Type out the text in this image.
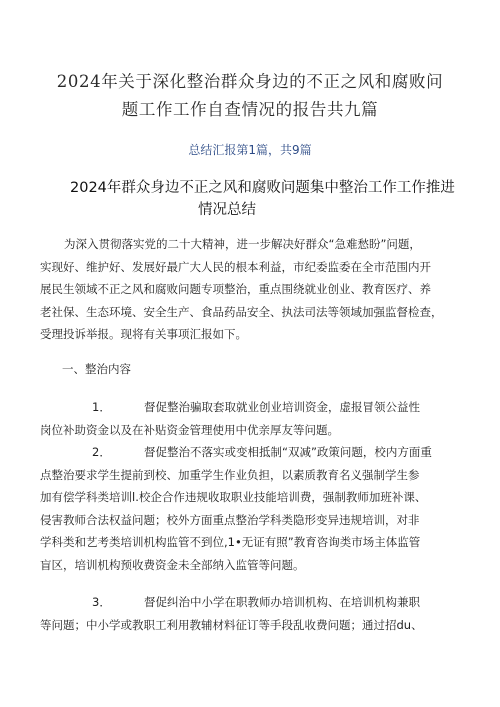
2024年关于深化整治群众身边的不正之风和腐败问
题工作工作自查情况的报告共九篇
总结汇报第1篇，共9篇
2024年群众身边不正之风和腐败问题集中整治工作工作推进
情况总结
为深入贯彻落实党的二十大精神，进一步解决好群众“急难愁盼”问题，
实现好、维护好、发展好最广大人民的根本利益，市纪委监委在全市范围内开
展民生领域不正之风和腐败问题专项整治，重点围绕就业创业、教育医疗、养
老社保、生态环境、安全生产、食品药品安全、执法司法等领域加强监督检查，
受理投诉举报。现将有关事项汇报如下。
一、整治内容
1．	督促整治骗取套取就业创业培训资金，虚报冒领公益性
岗位补助资金以及在补贴资金管理使用中优亲厚友等问题。
2．	督促整治不落实或变相抵制“双减”政策问题，校内方面重
点整治要求学生提前到校、加重学生作业负担，以素质教育名义强制学生参
加有偿学科类培训l.校企合作违规收取职业技能培训费，强制教师加班补课、
侵害教师合法权益问题；校外方面重点整治学科类隐形变异违规培训，对非
学科类和艺考类培训机构监管不到位,1•无证有照”教育咨询类市场主体监管
盲区，培训机构预收费资金未全部纳入监管等问题。
3．	督促纠治中小学在职教师办培训机构、在培训机构兼职
等问题；中小学或教职工利用教辅材料征订等手段乱收费问题；通过招du、
